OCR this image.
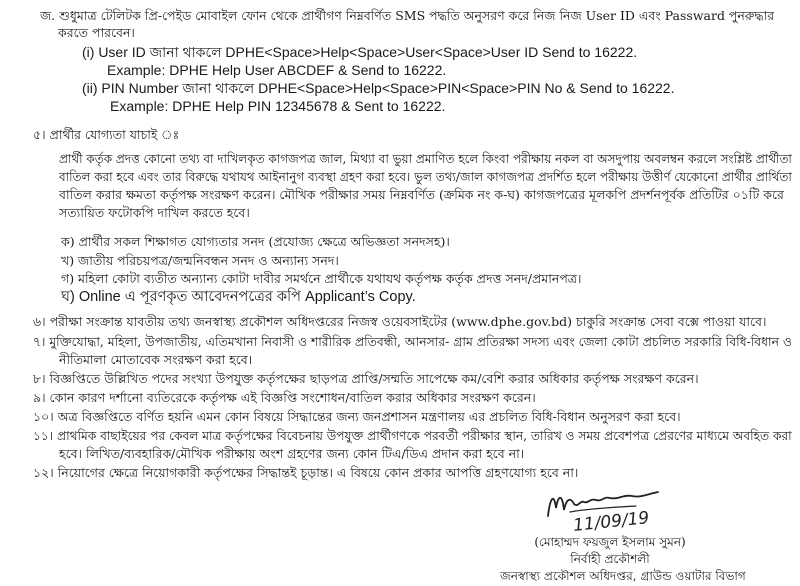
জ. শুধুমাত্র টেলিটক প্রি-পেইড মোবাইল ফোন থেকে প্রার্থীগণ নিম্নবর্ণিত SMS পদ্ধতি অনুসরণ করে নিজ নিজ User ID এবং Passward পুনরুদ্ধার
করতে পারবেন।
(i) User ID জানা থাকলে DPHE<Space>Help<Space>User<Space>User ID Send to 16222.
Example: DPHE Help User ABCDEF & Send to 16222.
(ii) PIN Number জানা থাকলে DPHE<Space>Help<Space>PIN<Space>PIN No & Send to 16222.
Example: DPHE Help PIN 12345678 & Sent to 16222.
৫। প্রার্থীর যোগ্যতা যাচাই ঃ
প্রার্থী কর্তৃক প্রদত্ত কোনো তথ্য বা দাখিলকৃত কাগজপত্র জাল, মিথ্যা বা ভুয়া প্রমাণিত হলে কিংবা পরীক্ষায় নকল বা অসদুপায় অবলম্বন করলে সংশ্লিষ্ট প্রার্থীতা
বাতিল করা হবে এবং তার বিরুদ্ধে যথাযথ আইনানুগ ব্যবস্থা গ্রহণ করা হবে। ভুল তথ্য/জাল কাগজপত্র প্রদর্শিত হলে পরীক্ষায় উত্তীর্ণ যেকোনো প্রার্থীর প্রার্থিতা
বাতিল করার ক্ষমতা কর্তৃপক্ষ সংরক্ষণ করেন। মৌখিক পরীক্ষার সময় নিম্নবর্ণিত (ক্রমিক নং ক-ঘ) কাগজপত্রের মূলকপি প্রদর্শনপূর্বক প্রতিটির ০১টি করে
সত্যায়িত ফটোকপি দাখিল করতে হবে।
ক) প্রার্থীর সকল শিক্ষাগত যোগ্যতার সনদ (প্রযোজ্য ক্ষেত্রে অভিজ্ঞতা সনদসহ)।
খ) জাতীয় পরিচয়পত্র/জন্মনিবন্ধন সনদ ও অন্যান্য সনদ।
গ) মহিলা কোটা ব্যতীত অন্যান্য কোটা দাবীর সমর্থনে প্রার্থীকে যথাযথ কর্তৃপক্ষ কর্তৃক প্রদত্ত সনদ/প্রমানপত্র।
ঘ) Online এ পূরণকৃত আবেদনপত্রের কপি Applicant’s Copy.
৬। পরীক্ষা সংক্রান্ত যাবতীয় তথ্য জনস্বাস্থ্য প্রকৌশল অধিদপ্তরের নিজস্ব ওয়েবসাইটের (www.dphe.gov.bd) চাকুরি সংক্রান্ত সেবা বক্সে পাওয়া যাবে।
৭। মুক্তিযোদ্ধা, মহিলা, উপজাতীয়, এতিমখানা নিবাসী ও শারীরিক প্রতিবন্ধী, আনসার- গ্রাম প্রতিরক্ষা সদস্য এবং জেলা কোটা প্রচলিত সরকারি বিধি-বিধান ও
নীতিমালা মোতাবেক সংরক্ষণ করা হবে।
৮। বিজ্ঞপ্তিতে উল্লিখিত পদের সংখ্যা উপযুক্ত কর্তৃপক্ষের ছাড়পত্র প্রাপ্তি/সম্মতি সাপেক্ষে কম/বেশি করার অধিকার কর্তৃপক্ষ সংরক্ষণ করেন।
৯। কোন কারণ দর্শানো ব্যতিরেকে কর্তৃপক্ষ এই বিজ্ঞপ্তি সংশোধন/বাতিল করার অধিকার সংরক্ষণ করেন।
১০। অত্র বিজ্ঞপ্তিতে বর্ণিত হয়নি এমন কোন বিষয়ে সিদ্ধান্তের জন্য জনপ্রশাসন মন্ত্রণালয় এর প্রচলিত বিধি-বিধান অনুসরণ করা হবে।
১১। প্রাথমিক বাছাইয়ের পর কেবল মাত্র কর্তৃপক্ষের বিবেচনায় উপযুক্ত প্রার্থীগণকে পরবর্তী পরীক্ষার স্থান, তারিখ ও সময় প্রবেশপত্র প্রেরণের মাধ্যমে অবহিত করা
হবে। লিখিত/ব্যবহারিক/মৌখিক পরীক্ষায় অংশ গ্রহণের জন্য কোন টিএ/ডিএ প্রদান করা হবে না।
১২। নিয়োগের ক্ষেত্রে নিয়োগকারী কর্তৃপক্ষের সিদ্ধান্তই চূড়ান্ত। এ বিষয়ে কোন প্রকার আপত্তি গ্রহণযোগ্য হবে না।
11/09/19
(মোহাম্মদ ফয়জুল ইসলাম সুমন)
নির্বাহী প্রকৌশলী
জনস্বাস্থ্য প্রকৌশল অধিদপ্তর, গ্রাউন্ড ওয়াটার বিভাগ
